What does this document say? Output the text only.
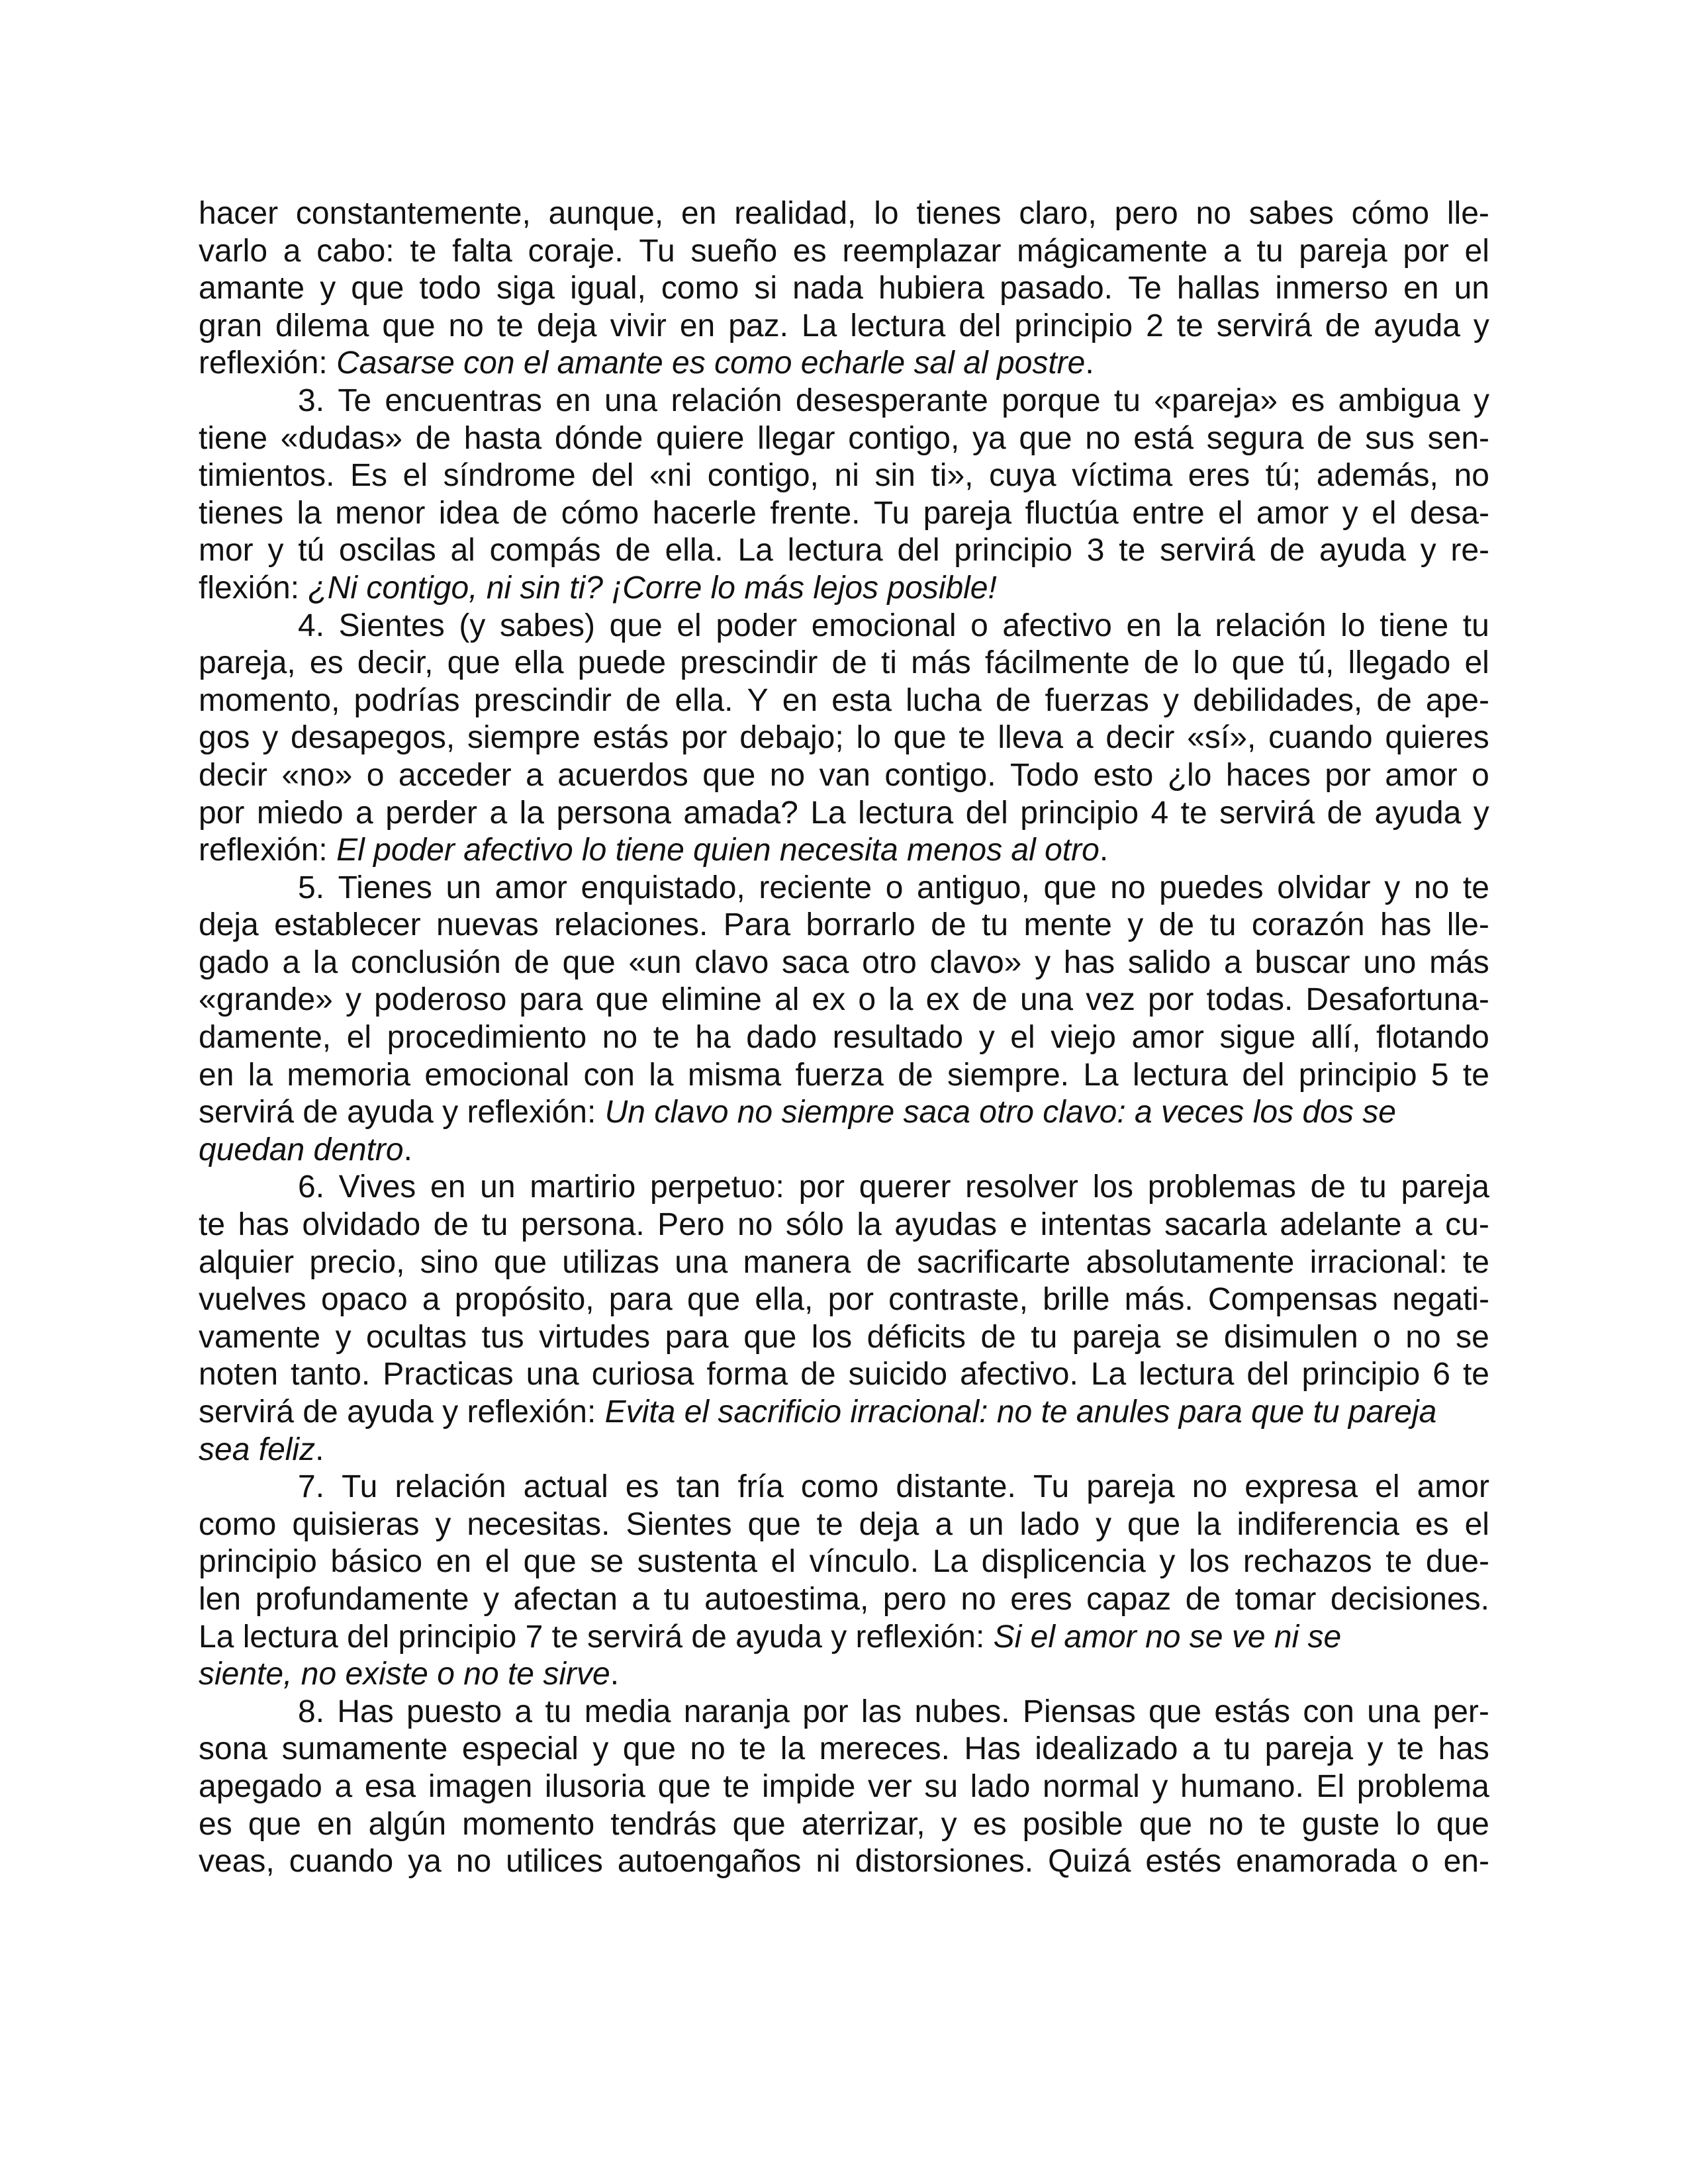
hacer constantemente, aunque, en realidad, lo tienes claro, pero no sabes cómo lle-
varlo a cabo: te falta coraje. Tu sueño es reemplazar mágicamente a tu pareja por el
amante y que todo siga igual, como si nada hubiera pasado. Te hallas inmerso en un
gran dilema que no te deja vivir en paz. La lectura del principio 2 te servirá de ayuda y
reflexión: Casarse con el amante es como echarle sal al postre.
3. Te encuentras en una relación desesperante porque tu «pareja» es ambigua y
tiene «dudas» de hasta dónde quiere llegar contigo, ya que no está segura de sus sen-
timientos. Es el síndrome del «ni contigo, ni sin ti», cuya víctima eres tú; además, no
tienes la menor idea de cómo hacerle frente. Tu pareja fluctúa entre el amor y el desa-
mor y tú oscilas al compás de ella. La lectura del principio 3 te servirá de ayuda y re-
flexión: ¿Ni contigo, ni sin ti? ¡Corre lo más lejos posible!
4. Sientes (y sabes) que el poder emocional o afectivo en la relación lo tiene tu
pareja, es decir, que ella puede prescindir de ti más fácilmente de lo que tú, llegado el
momento, podrías prescindir de ella. Y en esta lucha de fuerzas y debilidades, de ape-
gos y desapegos, siempre estás por debajo; lo que te lleva a decir «sí», cuando quieres
decir «no» o acceder a acuerdos que no van contigo. Todo esto ¿lo haces por amor o
por miedo a perder a la persona amada? La lectura del principio 4 te servirá de ayuda y
reflexión: El poder afectivo lo tiene quien necesita menos al otro.
5. Tienes un amor enquistado, reciente o antiguo, que no puedes olvidar y no te
deja establecer nuevas relaciones. Para borrarlo de tu mente y de tu corazón has lle-
gado a la conclusión de que «un clavo saca otro clavo» y has salido a buscar uno más
«grande» y poderoso para que elimine al ex o la ex de una vez por todas. Desafortuna-
damente, el procedimiento no te ha dado resultado y el viejo amor sigue allí, flotando
en la memoria emocional con la misma fuerza de siempre. La lectura del principio 5 te
servirá de ayuda y reflexión: Un clavo no siempre saca otro clavo: a veces los dos se
quedan dentro.
6. Vives en un martirio perpetuo: por querer resolver los problemas de tu pareja
te has olvidado de tu persona. Pero no sólo la ayudas e intentas sacarla adelante a cu-
alquier precio, sino que utilizas una manera de sacrificarte absolutamente irracional: te
vuelves opaco a propósito, para que ella, por contraste, brille más. Compensas negati-
vamente y ocultas tus virtudes para que los déficits de tu pareja se disimulen o no se
noten tanto. Practicas una curiosa forma de suicido afectivo. La lectura del principio 6 te
servirá de ayuda y reflexión: Evita el sacrificio irracional: no te anules para que tu pareja
sea feliz.
7. Tu relación actual es tan fría como distante. Tu pareja no expresa el amor
como quisieras y necesitas. Sientes que te deja a un lado y que la indiferencia es el
principio básico en el que se sustenta el vínculo. La displicencia y los rechazos te due-
len profundamente y afectan a tu autoestima, pero no eres capaz de tomar decisiones.
La lectura del principio 7 te servirá de ayuda y reflexión: Si el amor no se ve ni se
siente, no existe o no te sirve.
8. Has puesto a tu media naranja por las nubes. Piensas que estás con una per-
sona sumamente especial y que no te la mereces. Has idealizado a tu pareja y te has
apegado a esa imagen ilusoria que te impide ver su lado normal y humano. El problema
es que en algún momento tendrás que aterrizar, y es posible que no te guste lo que
veas, cuando ya no utilices autoengaños ni distorsiones. Quizá estés enamorada o en-
